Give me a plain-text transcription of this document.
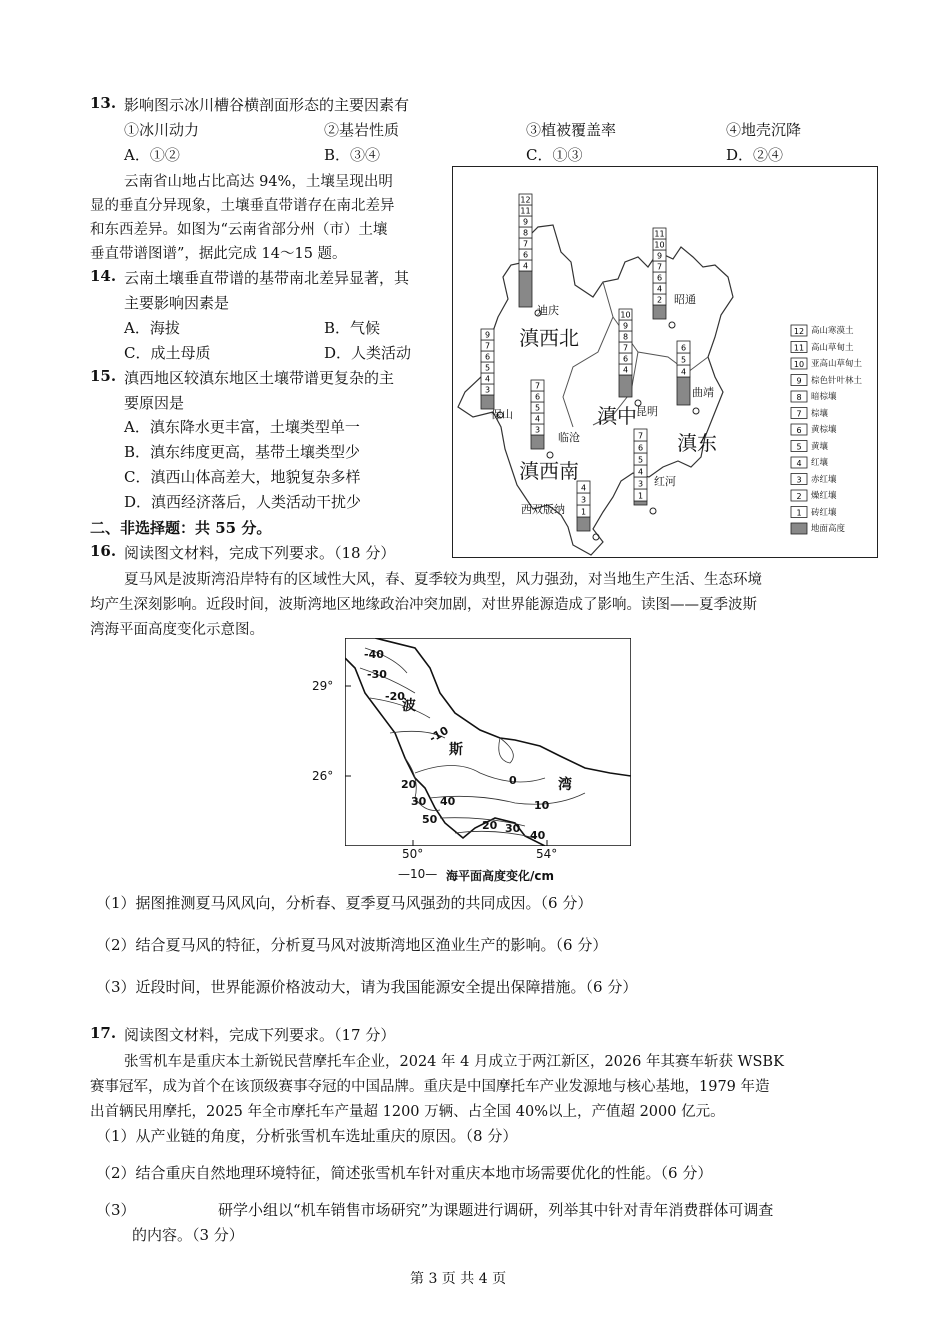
13. 影响图示冰川槽谷横剖面形态的主要因素有
①冰川动力	②基岩性质	③植被覆盖率	④地壳沉降
A．①②	B．③④	C．①③	D．②④
云南省山地占比高达 94%，土壤呈现出明
显的垂直分异现象，土壤垂直带谱存在南北差异
和东西差异。如图为“云南省部分州（市）土壤
垂直带谱图谱”，据此完成 14～15 题。
14. 云南土壤垂直带谱的基带南北差异显著，其
主要影响因素是
A．海拔	B．气候
C．成土母质	D．人类活动
15. 滇西地区较滇东地区土壤带谱更复杂的主
要原因是
A．滇东降水更丰富，土壤类型单一
B．滇东纬度更高，基带土壤类型少
C．滇西山体高差大，地貌复杂多样
D．滇西经济落后，人类活动干扰少
二、非选择题：共 55 分。
4
6
7
8
9
11
12
2
4
6
7
9
10
11
4
6
7
8
9
10
4
5
6
3
4
5
6
7
9
3
4
5
6
7
1
3
4
5
6
7
1
3
4
12
11
10
9
8
7
6
5
4
3
2
1
滇西北
滇中
滇东
滇西南
迪庆
昭通
保山	昆明
曲靖
临沧
红河
西双版纳
高山寒漠土
高山草甸土
亚高山草甸土
棕色针叶林土
暗棕壤
棕壤
黄棕壤
黄壤
红壤
赤红壤
燥红壤
砖红壤
地面高度
16. 阅读图文材料，完成下列要求。（18 分）
夏马风是波斯湾沿岸特有的区域性大风，春、夏季较为典型，风力强劲，对当地生产生活、生态环境
均产生深刻影响。近段时间，波斯湾地区地缘政治冲突加剧，对世界能源造成了影响。读图——夏季波斯
湾海平面高度变化示意图。
-40
-30
-20
-10
0
10
20
30 40
50	20 30
40
波
斯
湾
29°
26°
50°	54°
—10— 海平面高度变化/cm
（1）据图推测夏马风风向，分析春、夏季夏马风强劲的共同成因。（6 分）
（2）结合夏马风的特征，分析夏马风对波斯湾地区渔业生产的影响。（6 分）
（3）近段时间，世界能源价格波动大，请为我国能源安全提出保障措施。（6 分）
17. 阅读图文材料，完成下列要求。（17 分）
张雪机车是重庆本土新锐民营摩托车企业，2024 年 4 月成立于两江新区，2026 年其赛车斩获 WSBK
赛事冠军，成为首个在该顶级赛事夺冠的中国品牌。重庆是中国摩托车产业发源地与核心基地，1979 年造
出首辆民用摩托，2025 年全市摩托车产量超 1200 万辆、占全国 40%以上，产值超 2000 亿元。
（1）从产业链的角度，分析张雪机车选址重庆的原因。（8 分）
（2）结合重庆自然地理环境特征，简述张雪机车针对重庆本地市场需要优化的性能。（6 分）
（3）	研学小组以“机车销售市场研究”为课题进行调研，列举其中针对青年消费群体可调查
的内容。（3 分）
第 3 页 共 4 页
